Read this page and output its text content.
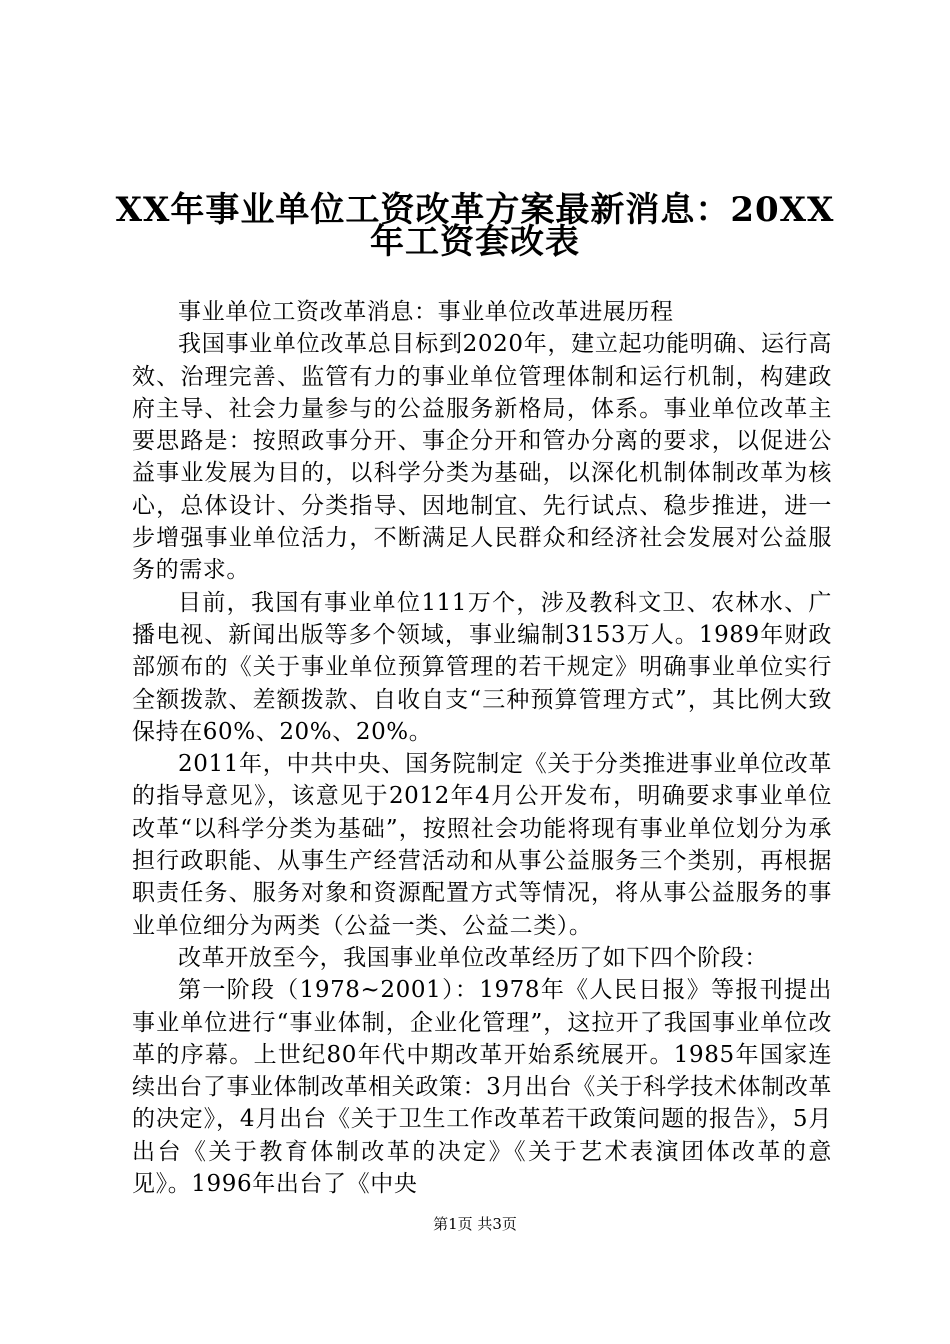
XX年事业单位工资改革方案最新消息：20XX
年工资套改表

事业单位工资改革消息：事业单位改革进展历程

我国事业单位改革总目标到2020年，建立起功能明确、运行高效、治理完善、监管有力的事业单位管理体制和运行机制，构建政府主导、社会力量参与的公益服务新格局，体系。事业单位改革主要思路是：按照政事分开、事企分开和管办分离的要求，以促进公益事业发展为目的，以科学分类为基础，以深化机制体制改革为核心，总体设计、分类指导、因地制宜、先行试点、稳步推进，进一步增强事业单位活力，不断满足人民群众和经济社会发展对公益服务的需求。

目前，我国有事业单位111万个，涉及教科文卫、农林水、广播电视、新闻出版等多个领域，事业编制3153万人。1989年财政部颁布的《关于事业单位预算管理的若干规定》明确事业单位实行全额拨款、差额拨款、自收自支“三种预算管理方式”，其比例大致保持在60%、20%、20%。

2011年，中共中央、国务院制定《关于分类推进事业单位改革的指导意见》，该意见于2012年4月公开发布，明确要求事业单位改革“以科学分类为基础”，按照社会功能将现有事业单位划分为承担行政职能、从事生产经营活动和从事公益服务三个类别，再根据职责任务、服务对象和资源配置方式等情况，将从事公益服务的事业单位细分为两类（公益一类、公益二类）。

改革开放至今，我国事业单位改革经历了如下四个阶段：

第一阶段（1978~2001）：1978年《人民日报》等报刊提出事业单位进行“事业体制，企业化管理”，这拉开了我国事业单位改革的序幕。上世纪80年代中期改革开始系统展开。1985年国家连续出台了事业体制改革相关政策：3月出台《关于科学技术体制改革的决定》，4月出台《关于卫生工作改革若干政策问题的报告》，5月出台《关于教育体制改革的决定》《关于艺术表演团体改革的意见》。1996年出台了《中央

第1页 共3页
